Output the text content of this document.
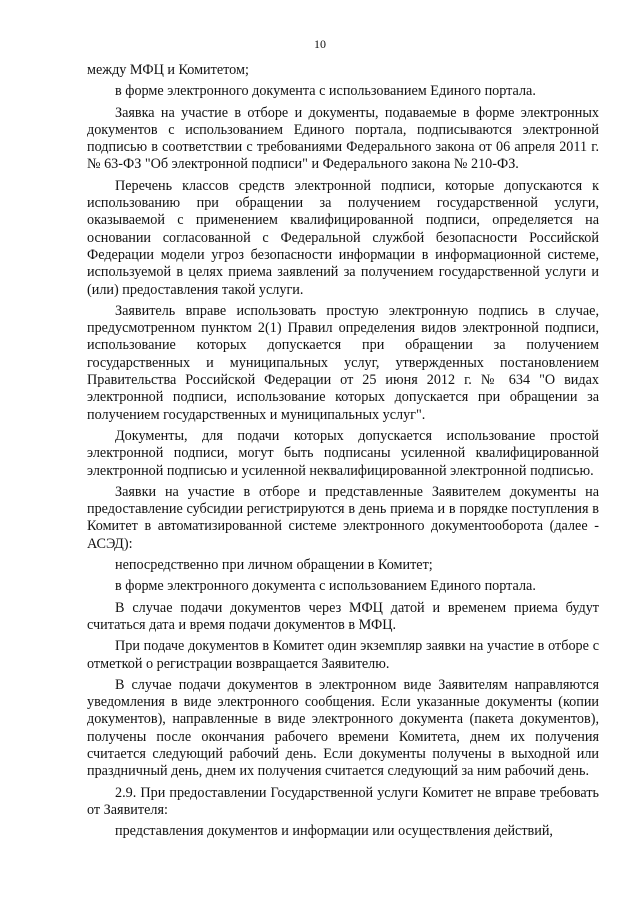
10

между МФЦ и Комитетом;

в форме электронного документа с использованием Единого портала.

Заявка на участие в отборе и документы, подаваемые в форме электронных документов с использованием Единого портала, подписываются электронной подписью в соответствии с требованиями Федерального закона от 06 апреля 2011 г. № 63-ФЗ "Об электронной подписи" и Федерального закона № 210-ФЗ.

Перечень классов средств электронной подписи, которые допускаются к использованию при обращении за получением государственной услуги, оказываемой с применением квалифицированной подписи, определяется на основании согласованной с Федеральной службой безопасности Российской Федерации модели угроз безопасности информации в информационной системе, используемой в целях приема заявлений за получением государственной услуги и (или) предоставления такой услуги.

Заявитель вправе использовать простую электронную подпись в случае, предусмотренном пунктом 2(1) Правил определения видов электронной подписи, использование которых допускается при обращении за получением государственных и муниципальных услуг, утвержденных постановлением Правительства Российской Федерации от 25 июня 2012 г. № 634 "О видах электронной подписи, использование которых допускается при обращении за получением государственных и муниципальных услуг".

Документы, для подачи которых допускается использование простой электронной подписи, могут быть подписаны усиленной квалифицированной электронной подписью и усиленной неквалифицированной электронной подписью.

Заявки на участие в отборе и представленные Заявителем документы на предоставление субсидии регистрируются в день приема и в порядке поступления в Комитет в автоматизированной системе электронного документооборота (далее - АСЭД):

непосредственно при личном обращении в Комитет;

в форме электронного документа с использованием Единого портала.

В случае подачи документов через МФЦ датой и временем приема будут считаться дата и время подачи документов в МФЦ.

При подаче документов в Комитет один экземпляр заявки на участие в отборе с отметкой о регистрации возвращается Заявителю.

В случае подачи документов в электронном виде Заявителям направляются уведомления в виде электронного сообщения. Если указанные документы (копии документов), направленные в виде электронного документа (пакета документов), получены после окончания рабочего времени Комитета, днем их получения считается следующий рабочий день. Если документы получены в выходной или праздничный день, днем их получения считается следующий за ним рабочий день.

2.9. При предоставлении Государственной услуги Комитет не вправе требовать от Заявителя:

представления документов и информации или осуществления действий,
